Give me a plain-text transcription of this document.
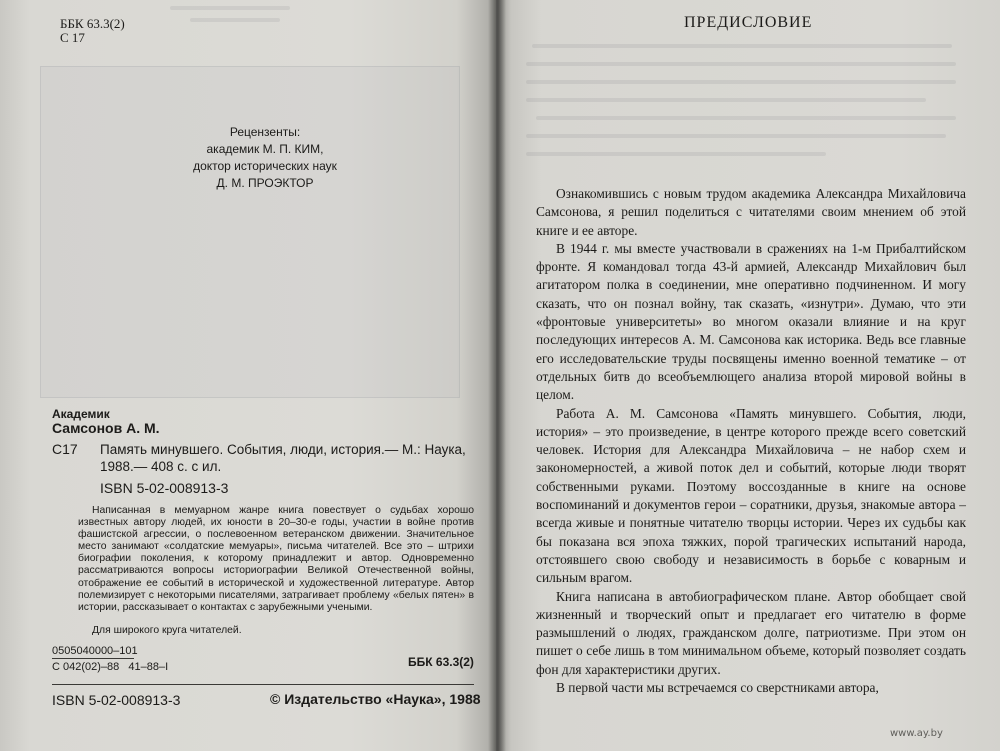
ББК 63.3(2)
С 17
Рецензенты:
академик М. П. КИМ,
доктор исторических наук
Д. М. ПРОЭКТОР
Академик
Самсонов А. М.
С17 Память минувшего. События, люди, история.— М.: Наука, 1988.— 408 с. с ил.
ISBN 5-02-008913-3
Написанная в мемуарном жанре книга повествует о судьбах хорошо известных автору людей, их юности в 20–30-е годы, участии в войне против фашистской агрессии, о послевоенном ветеранском движении. Значительное место занимают «солдатские мемуары», письма читателей. Все это – штрихи биографии поколения, к которому принадлежит и автор. Одновременно рассматриваются вопросы историографии Великой Отечественной войны, отображение ее событий в исторической и художественной литературе. Автор полемизирует с некоторыми писателями, затрагивает проблему «белых пятен» в истории, рассказывает о контактах с зарубежными учеными.
Для широкого круга читателей.
0505040000–101
С 042(02)–88 41–88–I	ББК 63.3(2)
ISBN 5-02-008913-3	© Издательство «Наука», 1988
ПРЕДИСЛОВИЕ

Ознакомившись с новым трудом академика Александра Михайловича Самсонова, я решил поделиться с читателями своим мнением об этой книге и ее авторе.

В 1944 г. мы вместе участвовали в сражениях на 1-м Прибалтийском фронте. Я командовал тогда 43-й армией, Александр Михайлович был агитатором полка в соединении, мне оперативно подчиненном. И могу сказать, что он познал войну, так сказать, «изнутри». Думаю, что эти «фронтовые университеты» во многом оказали влияние и на круг последующих интересов А. М. Самсонова как историка. Ведь все главные его исследовательские труды посвящены именно военной тематике – от отдельных битв до всеобъемлющего анализа второй мировой войны в целом.

Работа А. М. Самсонова «Память минувшего. События, люди, история» – это произведение, в центре которого прежде всего советский человек. История для Александра Михайловича – не набор схем и закономерностей, а живой поток дел и событий, которые люди творят собственными руками. Поэтому воссозданные в книге на основе воспоминаний и документов герои – соратники, друзья, знакомые автора – всегда живые и понятные читателю творцы истории. Через их судьбы как бы показана вся эпоха тяжких, порой трагических испытаний народа, отстоявшего свою свободу и независимость в борьбе с коварным и сильным врагом.

Книга написана в автобиографическом плане. Автор обобщает свой жизненный и творческий опыт и предлагает его читателю в форме размышлений о людях, гражданском долге, патриотизме. При этом он пишет о себе лишь в том минимальном объеме, который позволяет создать фон для характеристики других.

В первой части мы встречаемся со сверстниками автора,

www.ay.by
